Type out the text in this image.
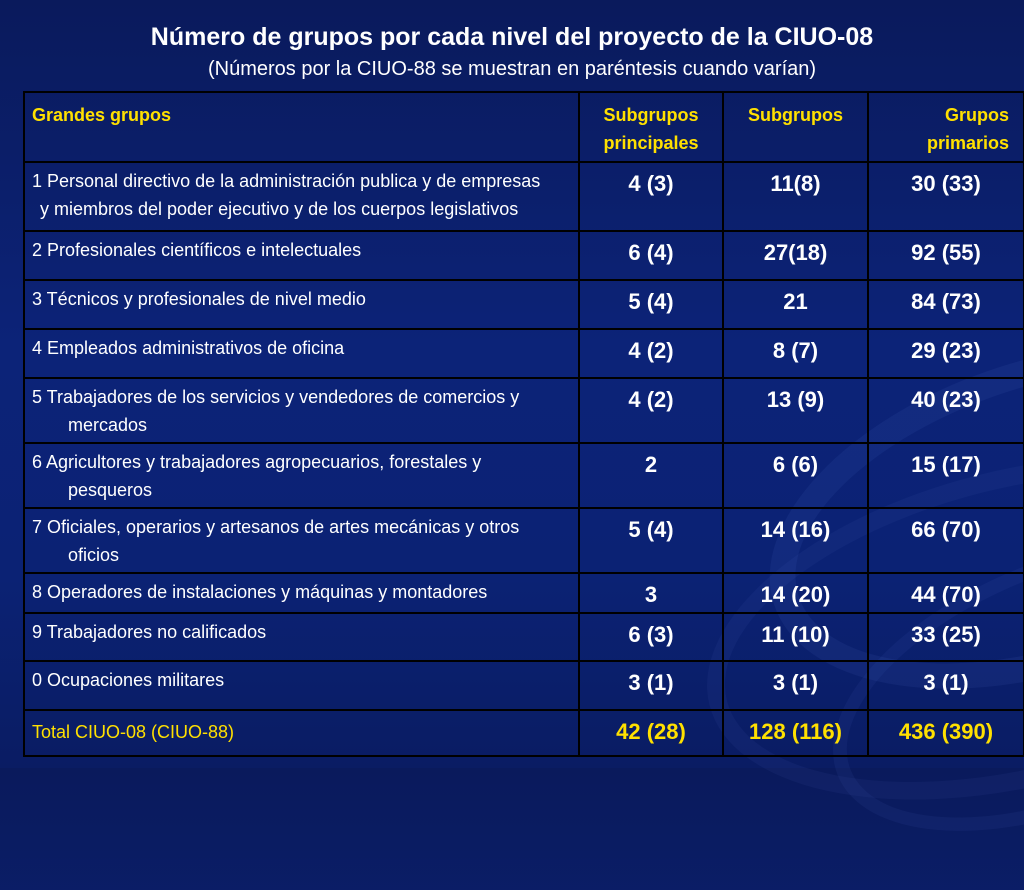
Número de grupos por cada nivel del proyecto de la CIUO-08

(Números por la CIUO-88 se muestran en paréntesis cuando varían)

Grandes grupos	Subgrupos principales	Subgrupos	Grupos primarios
1 Personal directivo de la administración publica y de empresas
y miembros del poder ejecutivo y de los cuerpos legislativos	4 (3)	11(8)	30 (33)
2 Profesionales científicos e intelectuales	6 (4)	27(18)	92 (55)
3 Técnicos y profesionales de nivel medio	5 (4)	21	84 (73)
4 Empleados administrativos de oficina	4 (2)	8 (7)	29 (23)
5 Trabajadores de los servicios y vendedores de comercios y
mercados	4 (2)	13 (9)	40 (23)
6 Agricultores y trabajadores agropecuarios, forestales y
pesqueros	2	6 (6)	15 (17)
7 Oficiales, operarios y artesanos de artes mecánicas y otros
oficios	5 (4)	14 (16)	66 (70)
8 Operadores de instalaciones y máquinas y montadores	3	14 (20)	44 (70)
9 Trabajadores no calificados	6 (3)	11 (10)	33 (25)
0 Ocupaciones militares	3 (1)	3 (1)	3 (1)
Total CIUO-08 (CIUO-88)	42 (28)	128 (116)	436 (390)
